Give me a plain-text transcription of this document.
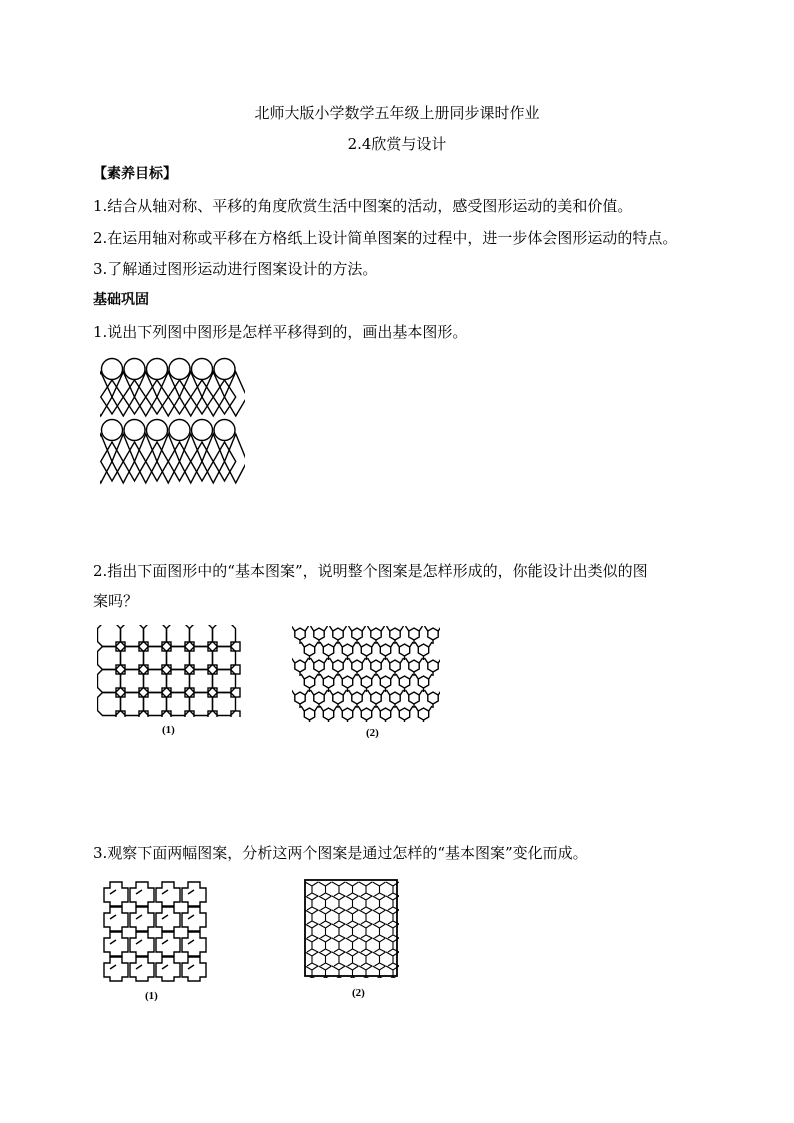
北师大版小学数学五年级上册同步课时作业
2.4欣赏与设计
【素养目标】
1.结合从轴对称、平移的角度欣赏生活中图案的活动，感受图形运动的美和价值。
2.在运用轴对称或平移在方格纸上设计简单图案的过程中，进一步体会图形运动的特点。
3.了解通过图形运动进行图案设计的方法。
基础巩固
1.说出下列图中图形是怎样平移得到的，画出基本图形。
2.指出下面图形中的“基本图案”，说明整个图案是怎样形成的，你能设计出类似的图
案吗？
(1)	(2)
3.观察下面两幅图案，分析这两个图案是通过怎样的“基本图案”变化而成。
(1)	(2)
